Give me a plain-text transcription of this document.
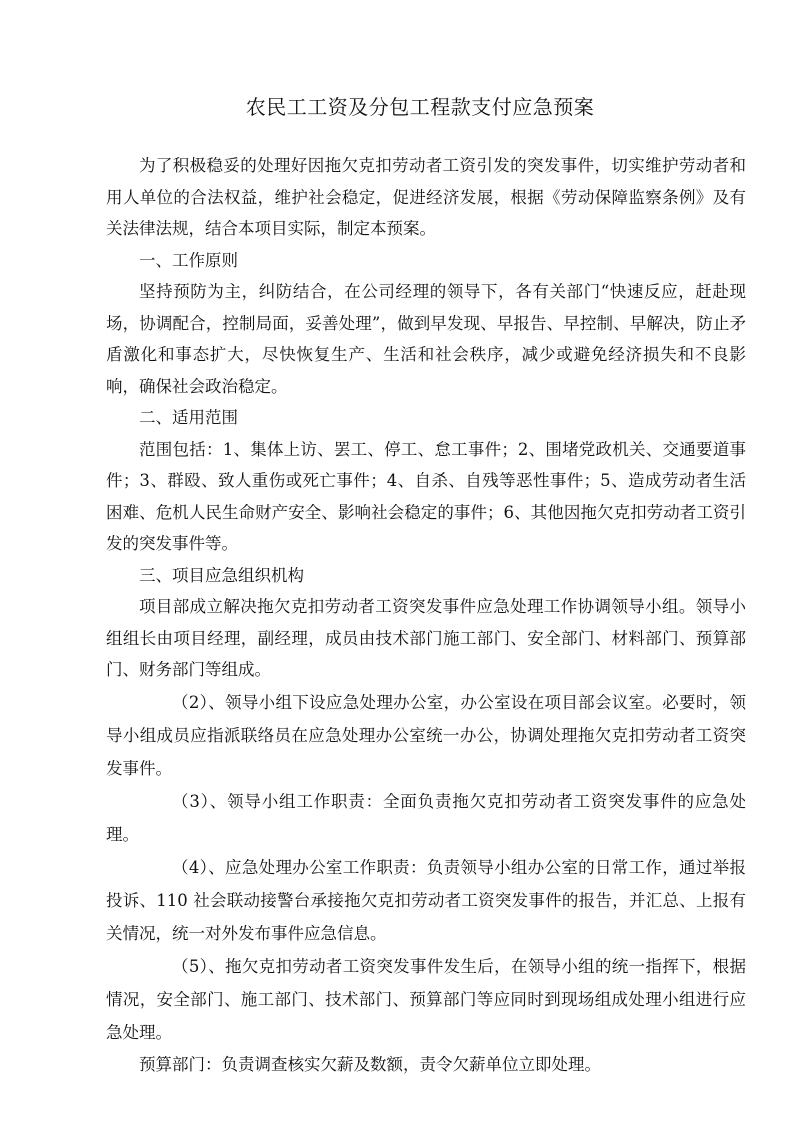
农民工工资及分包工程款支付应急预案

为了积极稳妥的处理好因拖欠克扣劳动者工资引发的突发事件，切实维护劳动者和用人单位的合法权益，维护社会稳定，促进经济发展，根据《劳动保障监察条例》及有关法律法规，结合本项目实际，制定本预案。

一、工作原则

坚持预防为主，纠防结合，在公司经理的领导下，各有关部门“快速反应，赶赴现场，协调配合，控制局面，妥善处理”，做到早发现、早报告、早控制、早解决，防止矛盾激化和事态扩大，尽快恢复生产、生活和社会秩序，减少或避免经济损失和不良影响，确保社会政治稳定。

二、适用范围

范围包括：1、集体上访、罢工、停工、怠工事件；2、围堵党政机关、交通要道事件；3、群殴、致人重伤或死亡事件；4、自杀、自残等恶性事件；5、造成劳动者生活困难、危机人民生命财产安全、影响社会稳定的事件；6、其他因拖欠克扣劳动者工资引发的突发事件等。

三、项目应急组织机构

项目部成立解决拖欠克扣劳动者工资突发事件应急处理工作协调领导小组。领导小组组长由项目经理，副经理，成员由技术部门施工部门、安全部门、材料部门、预算部门、财务部门等组成。

（2）、领导小组下设应急处理办公室，办公室设在项目部会议室。必要时，领导小组成员应指派联络员在应急处理办公室统一办公，协调处理拖欠克扣劳动者工资突发事件。

（3）、领导小组工作职责：全面负责拖欠克扣劳动者工资突发事件的应急处理。

（4）、应急处理办公室工作职责：负责领导小组办公室的日常工作，通过举报投诉、110 社会联动接警台承接拖欠克扣劳动者工资突发事件的报告，并汇总、上报有关情况，统一对外发布事件应急信息。

（5）、拖欠克扣劳动者工资突发事件发生后，在领导小组的统一指挥下，根据情况，安全部门、施工部门、技术部门、预算部门等应同时到现场组成处理小组进行应急处理。

预算部门：负责调查核实欠薪及数额，责令欠薪单位立即处理。
